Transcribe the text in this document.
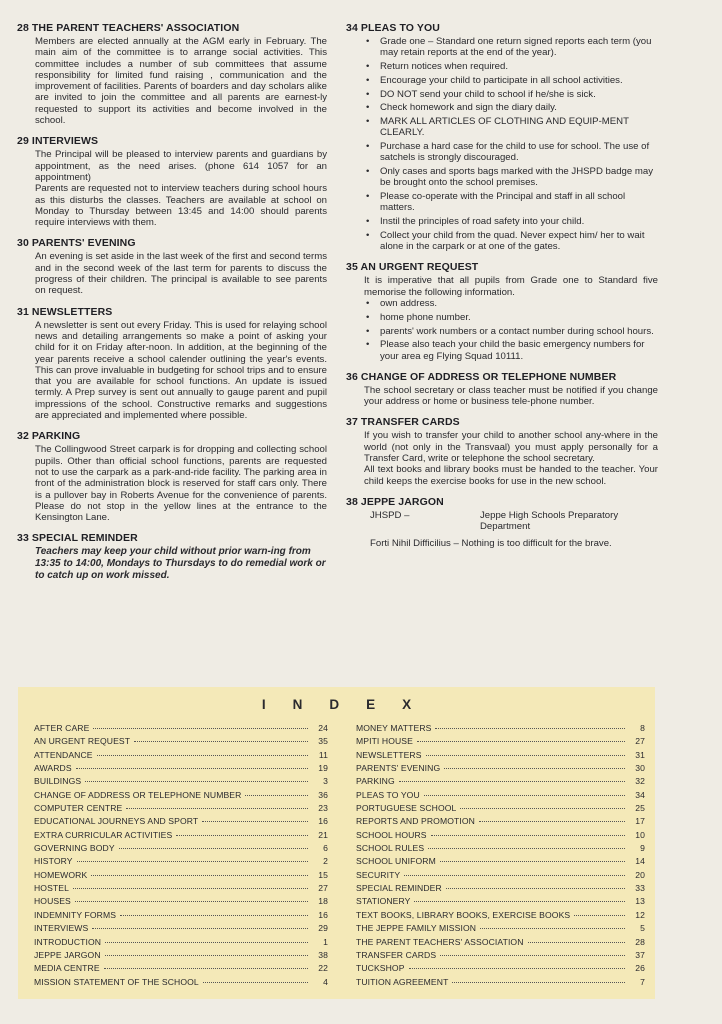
28 THE PARENT TEACHERS' ASSOCIATION

Members are elected annually at the AGM early in February. The main aim of the committee is to arrange social activities. This committee includes a number of sub committees that assume responsibility for limited fund raising , communication and the improvement of facilities. Parents of boarders and day scholars alike are invited to join the committee and all parents are earnest-ly requested to support its activities and become involved in the school.

29 INTERVIEWS

The Principal will be pleased to interview parents and guardians by appointment, as the need arises. (phone 614 1057 for an appointment)

Parents are requested not to interview teachers during school hours as this disturbs the classes. Teachers are available at school on Monday to Thursday between 13:45 and 14:00 should parents require interviews with them.

30 PARENTS' EVENING

An evening is set aside in the last week of the first and second terms and in the second week of the last term for parents to discuss the progress of their children. The principal is available to see parents on request.

31 NEWSLETTERS

A newsletter is sent out every Friday. This is used for relaying school news and detailing arrangements so make a point of asking your child for it on Friday after-noon. In addition, at the beginning of the year parents receive a school calender outlining the year's events. This can prove invaluable in budgeting for school trips and to ensure that you are available for school functions. An update is issued termly. A Prep survey is sent out annually to gauge parent and pupil impressions of the school. Constructive remarks and suggestions are appreciated and implemented where possible.

32 PARKING

The Collingwood Street carpark is for dropping and collecting school pupils. Other than official school functions, parents are requested not to use the carpark as a park-and-ride facility. The parking area in front of the administration block is reserved for staff cars only. There is a pullover bay in Roberts Avenue for the convenience of parents. Please do not stop in the yellow lines at the entrance to the Kensington Lane.

33 SPECIAL REMINDER
Teachers may keep your child without prior warn-ing from 13:35 to 14:00, Mondays to Thursdays to do remedial work or to catch up on work missed.
34 PLEAS TO YOU
• Grade one – Standard one return signed reports each term (you may retain reports at the end of the year).
• Return notices when required.
• Encourage your child to participate in all school activities.
• DO NOT send your child to school if he/she is sick.
• Check homework and sign the diary daily.
• MARK ALL ARTICLES OF CLOTHING AND EQUIP-MENT CLEARLY.
• Purchase a hard case for the child to use for school. The use of satchels is strongly discouraged.
• Only cases and sports bags marked with the JHSPD badge may be brought onto the school premises.
• Please co-operate with the Principal and staff in all school matters.
• Instil the principles of road safety into your child.
• Collect your child from the quad. Never expect him/ her to wait alone in the carpark or at one of the gates.
35 AN URGENT REQUEST
It is imperative that all pupils from Grade one to Standard five memorise the following information.
• own address.
• home phone number.
• parents' work numbers or a contact number during school hours.
• Please also teach your child the basic emergency numbers for your area eg Flying Squad 10111.
36 CHANGE OF ADDRESS OR TELEPHONE NUMBER

The school secretary or class teacher must be notified if you change your address or home or business tele-phone number.

37 TRANSFER CARDS

If you wish to transfer your child to another school any-where in the world (not only in the Transvaal) you must apply personally for a Transfer Card, write or telephone the school secretary.

All text books and library books must be handed to the teacher. Your child keeps the exercise books for use in the new school.

38 JEPPE JARGON
JHSPD –	Jeppe High Schools Preparatory Department
Forti Nihil Difficilius – Nothing is too difficult for the brave.
I N D E X
AFTER CARE	24
AN URGENT REQUEST	35
ATTENDANCE	11
AWARDS	19
BUILDINGS	3
CHANGE OF ADDRESS OR TELEPHONE NUMBER	36
COMPUTER CENTRE	23
EDUCATIONAL JOURNEYS AND SPORT	16
EXTRA CURRICULAR ACTIVITIES	21
GOVERNING BODY	6
HISTORY	2
HOMEWORK	15
HOSTEL	27
HOUSES	18
INDEMNITY FORMS	16
INTERVIEWS	29
INTRODUCTION	1
JEPPE JARGON	38
MEDIA CENTRE	22
MISSION STATEMENT OF THE SCHOOL	4
MONEY MATTERS	8
MPITI HOUSE	27
NEWSLETTERS	31
PARENTS' EVENING	30
PARKING	32
PLEAS TO YOU	34
PORTUGUESE SCHOOL	25
REPORTS AND PROMOTION	17
SCHOOL HOURS	10
SCHOOL RULES	9
SCHOOL UNIFORM	14
SECURITY	20
SPECIAL REMINDER	33
STATIONERY	13
TEXT BOOKS, LIBRARY BOOKS, EXERCISE BOOKS	12
THE JEPPE FAMILY MISSION	5
THE PARENT TEACHERS' ASSOCIATION	28
TRANSFER CARDS	37
TUCKSHOP	26
TUITION AGREEMENT	7
